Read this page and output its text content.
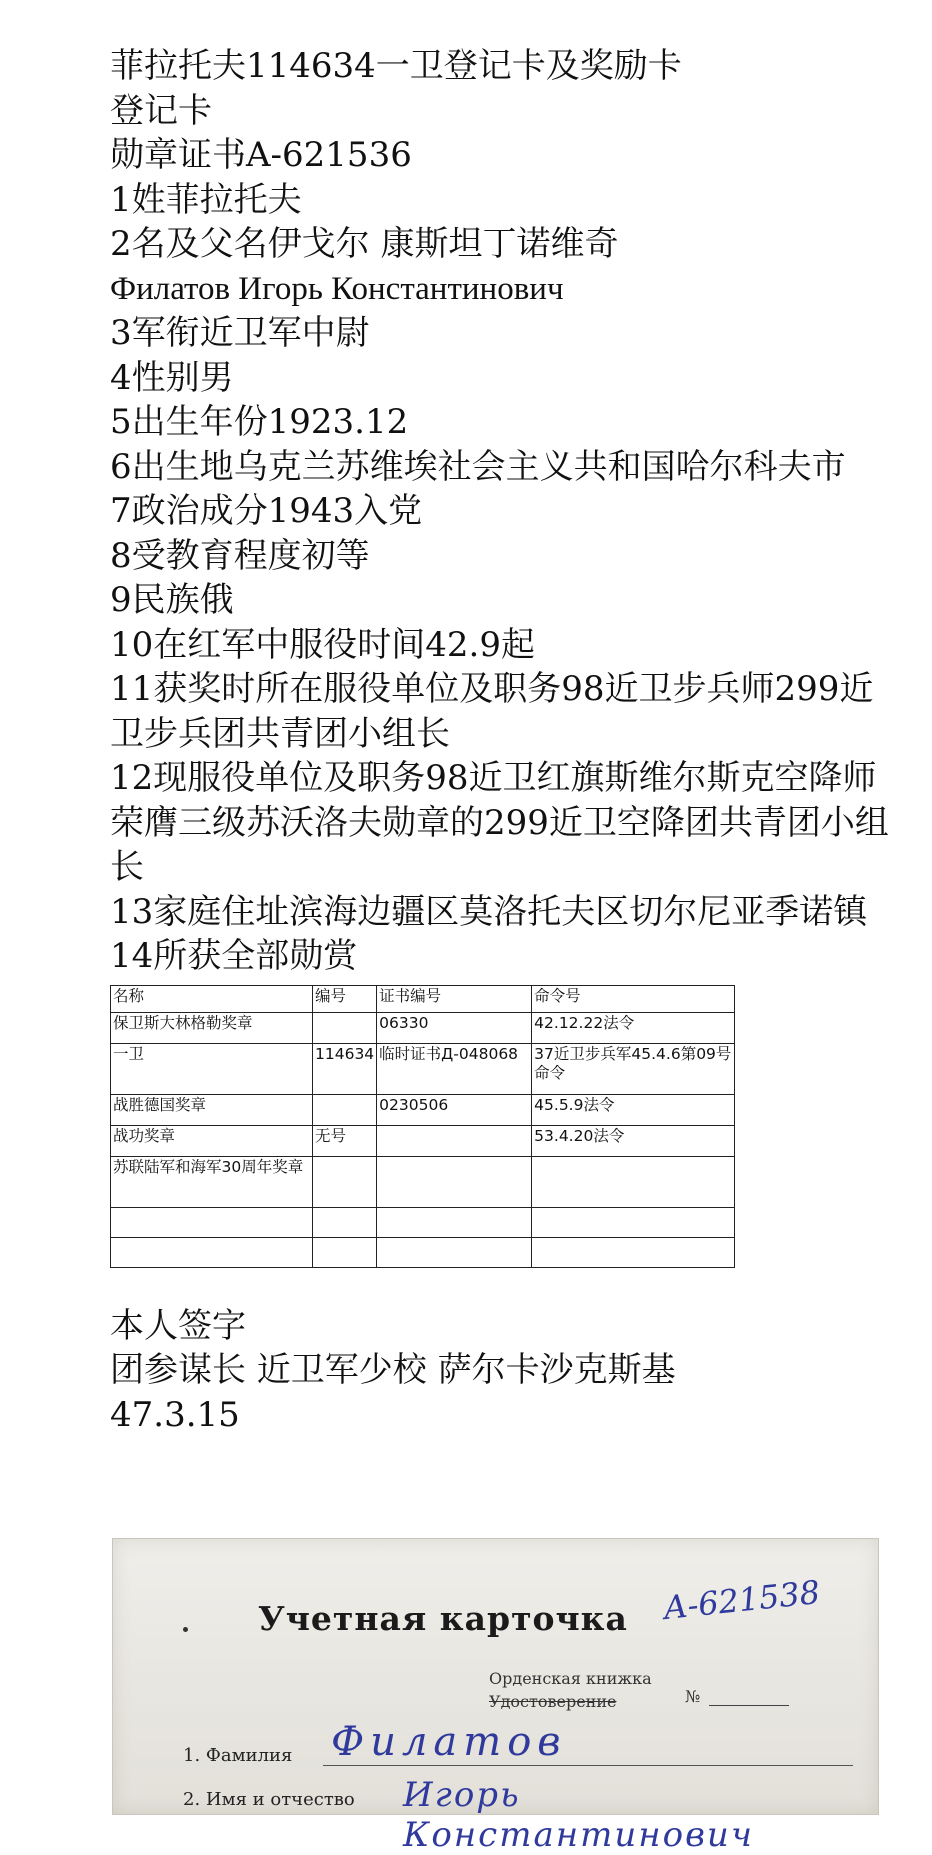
菲拉托夫114634一卫登记卡及奖励卡
登记卡
勋章证书A-621536
1姓菲拉托夫
2名及父名伊戈尔 康斯坦丁诺维奇
Филатов Игорь Константинович
3军衔近卫军中尉
4性别男
5出生年份1923.12
6出生地乌克兰苏维埃社会主义共和国哈尔科夫市
7政治成分1943入党
8受教育程度初等
9民族俄
10在红军中服役时间42.9起
11获奖时所在服役单位及职务98近卫步兵师299近卫步兵团共青团小组长
12现服役单位及职务98近卫红旗斯维尔斯克空降师荣膺三级苏沃洛夫勋章的299近卫空降团共青团小组长
13家庭住址滨海边疆区莫洛托夫区切尔尼亚季诺镇
14所获全部勋赏
名称	编号	证书编号	命令号
保卫斯大林格勒奖章		06330	42.12.22法令
一卫	114634	临时证书Д-048068	37近卫步兵军45.4.6第09号命令
战胜德国奖章		0230506	45.5.9法令
战功奖章	无号		53.4.20法令
苏联陆军和海军30周年奖章			

本人签字
团参谋长 近卫军少校 萨尔卡沙克斯基
47.3.15
Учетная карточка А-621538
Орденская книжка
Удостоверение	№
1. Фамилия Филатов
2. Имя и отчество Игорь Константинович
